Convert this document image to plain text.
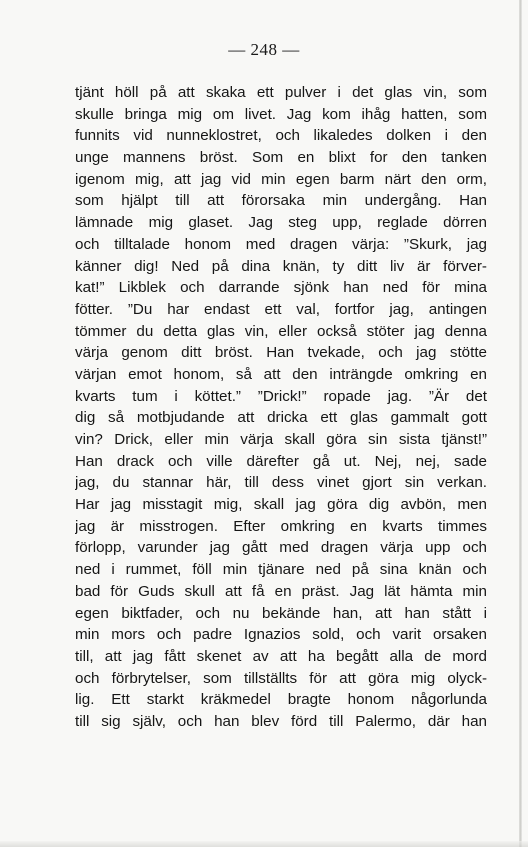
— 248 —
tjänt höll på att skaka ett pulver i det glas vin, som
skulle bringa mig om livet. Jag kom ihåg hatten, som
funnits vid nunneklostret, och likaledes dolken i den
unge mannens bröst. Som en blixt for den tanken
igenom mig, att jag vid min egen barm närt den orm,
som hjälpt till att förorsaka min undergång. Han
lämnade mig glaset. Jag steg upp, reglade dörren
och tilltalade honom med dragen värja: ”Skurk, jag
känner dig! Ned på dina knän, ty ditt liv är förver-
kat!” Likblek och darrande sjönk han ned för mina
fötter. ”Du har endast ett val, fortfor jag, antingen
tömmer du detta glas vin, eller också stöter jag denna
värja genom ditt bröst. Han tvekade, och jag stötte
värjan emot honom, så att den inträngde omkring en
kvarts tum i köttet.” ”Drick!” ropade jag. ”Är det
dig så motbjudande att dricka ett glas gammalt gott
vin? Drick, eller min värja skall göra sin sista tjänst!”
Han drack och ville därefter gå ut. Nej, nej, sade
jag, du stannar här, till dess vinet gjort sin verkan.
Har jag misstagit mig, skall jag göra dig avbön, men
jag är misstrogen. Efter omkring en kvarts timmes
förlopp, varunder jag gått med dragen värja upp och
ned i rummet, föll min tjänare ned på sina knän och
bad för Guds skull att få en präst. Jag lät hämta min
egen biktfader, och nu bekände han, att han stått i
min mors och padre Ignazios sold, och varit orsaken
till, att jag fått skenet av att ha begått alla de mord
och förbrytelser, som tillställts för att göra mig olyck-
lig. Ett starkt kräkmedel bragte honom någorlunda
till sig själv, och han blev förd till Palermo, där han
